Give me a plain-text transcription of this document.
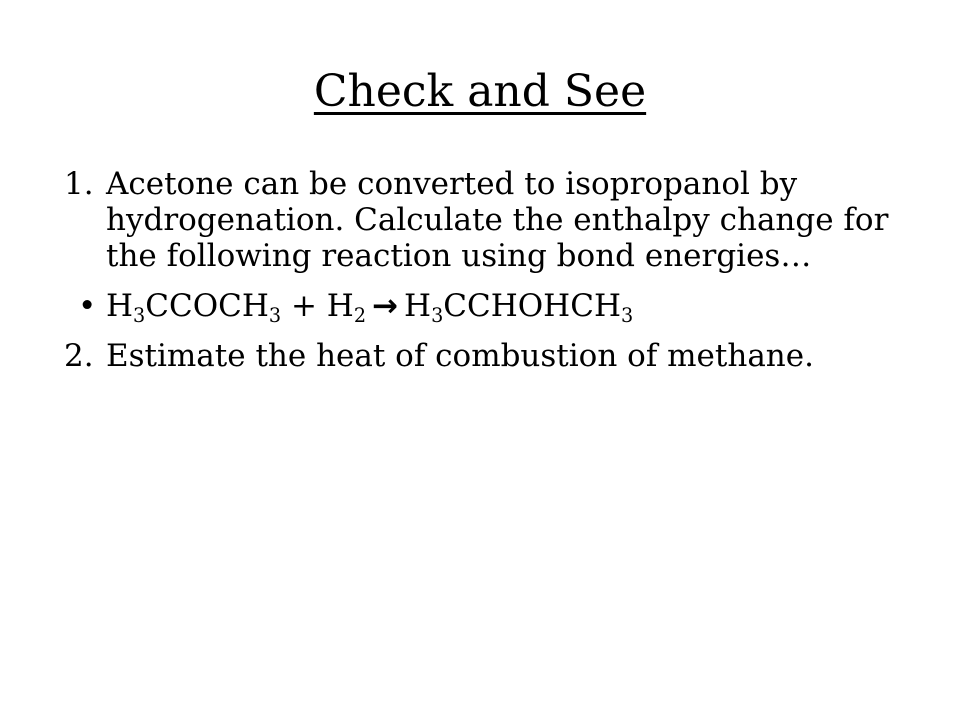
Check and See
1. Acetone can be converted to isopropanol by hydrogenation. Calculate the enthalpy change for the following reaction using bond energies…
• $H_3CCOCH_3 + H_2$ → $H_3CCHOHCH_3$
2. Estimate the heat of combustion of methane.
